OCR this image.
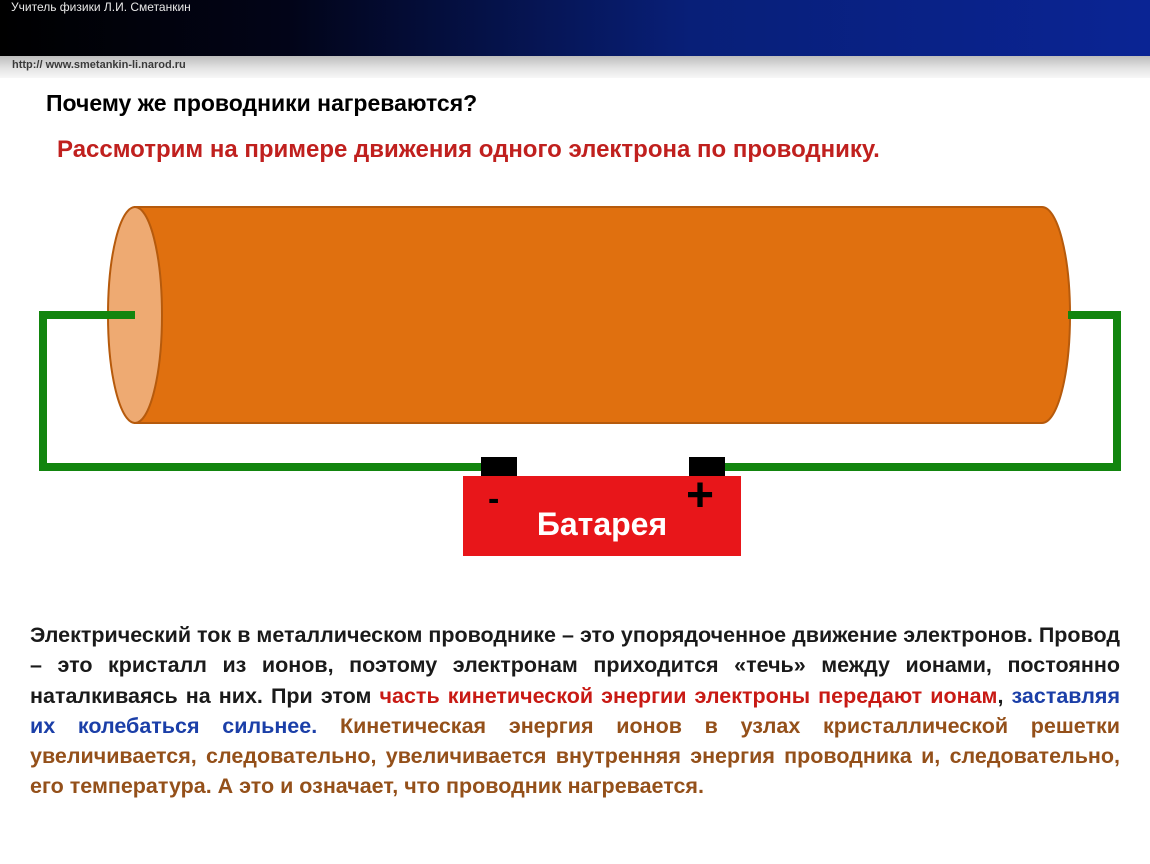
Учитель физики Л.И. Сметанкин
http:// www.smetankin-li.narod.ru
Почему же проводники нагреваются?
Рассмотрим на примере движения одного электрона по проводнику.
-	+
Батарея
Электрический ток в металлическом проводнике – это упорядоченное движение электронов. Провод – это кристалл из ионов, поэтому электронам приходится «течь» между ионами, постоянно наталкиваясь на них. При этом часть кинетической энергии электроны передают ионам, заставляя их колебаться сильнее. Кинетическая энергия ионов в узлах кристаллической решетки увеличивается, следовательно, увеличивается внутренняя энергия проводника и, следовательно, его температура. А это и означает, что проводник нагревается.
